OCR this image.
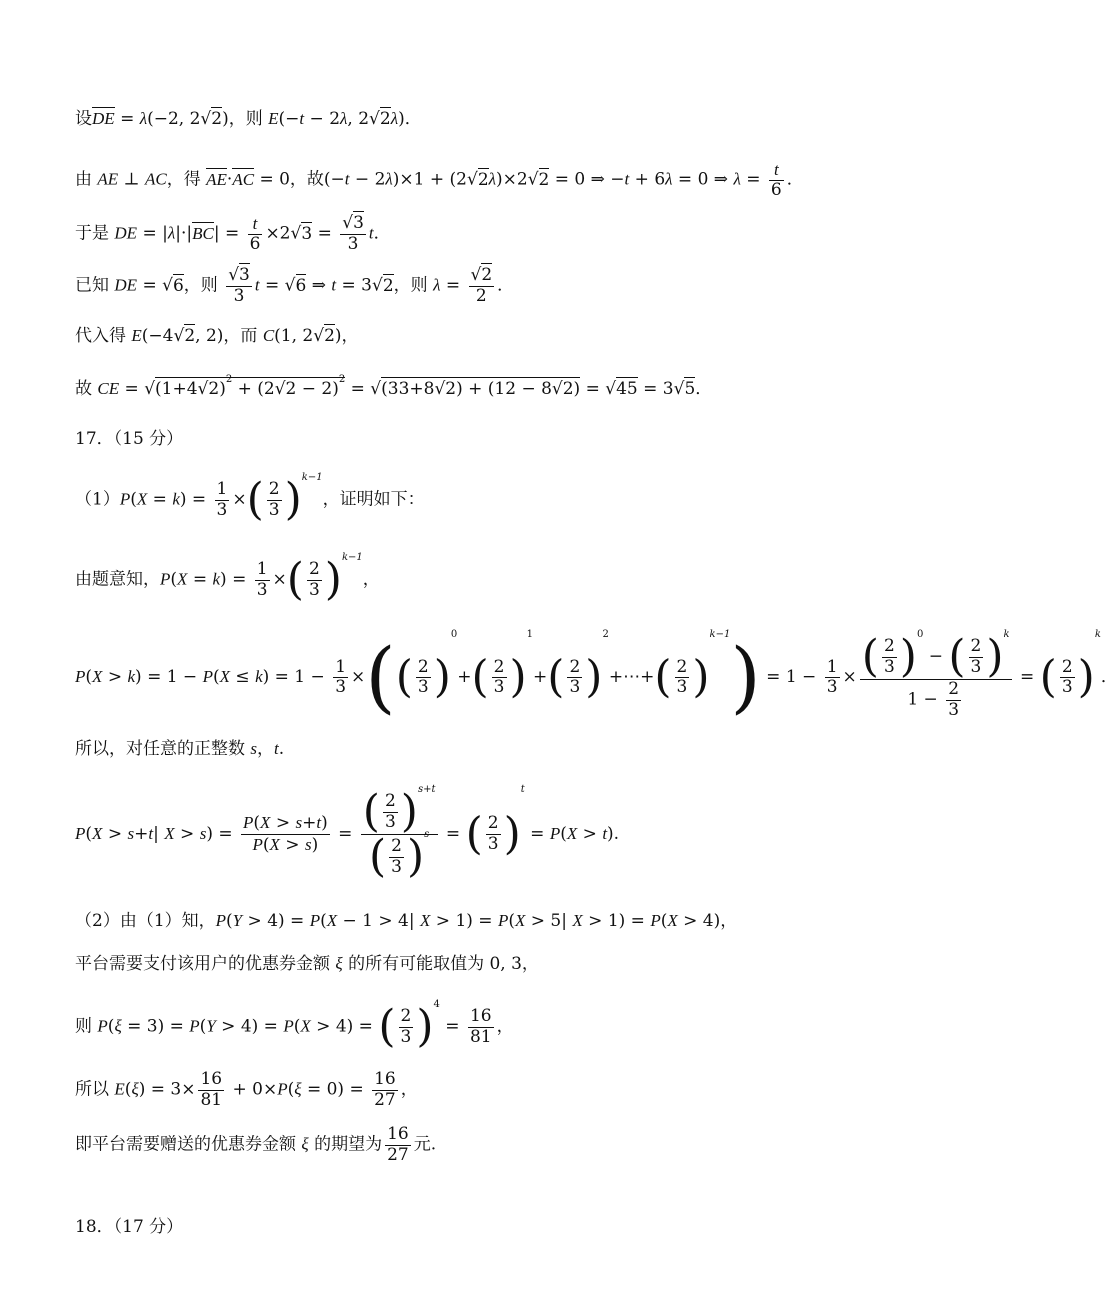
设DE = λ(−2, 2√2)，则 E(−t − 2λ, 2√2λ)．
由 AE ⊥ AC，得 AE·AC = 0，故(−t − 2λ)×1 + (2√2λ)×2√2 = 0 ⇒ −t + 6λ = 0 ⇒ $\lambda = \frac{t}{6}$ ．
于是 DE = $|\lambda|\cdot|BC| = \frac{t}{6} \times 2√3 = \frac{√3}{3}$ t．
已知 DE = √6，则 $\frac{√3}{3}$ t = √6 ⇒ t = 3√2，则 $\lambda = \frac{√2}{2}$ ．
代入得 E(−4√2, 2)，而 C(1, 2√2)，
故 CE = $√(1+4√2)^2 + (2√2 - 2)^2 = √(33+8√2) + (12 - 8√2) = √45 = 3√5$．
17．（15 分）
$(1)P(X = k) = \frac{1}{3}$ ×( $\frac{2}{3} )^{k-1}$，证明如下：
由题意知，$P(X = k) = \frac{1}{3}$ ×( $\frac{2}{3} )^{k-1}$，
$P(X > k) = 1 - P(X \le k) = 1 - \frac{1}{3}$ ×(( $\frac{2}{3} )^0+( \frac{2}{3} )^1+( \frac{2}{3}$ )$^2+\cdots+( \frac{2}{3} )^{k-1}) = 1 - \frac{1}{3} \times \frac{( \frac{2}{3} )^0 - ( \frac{2}{3} )^k}{1 - \frac{2}{3}}$ = ( $\frac{2}{3} )^k$．
所以，对任意的正整数 s，t.
P(X > s+t| $X > s) = \frac{P(X > s+t)}{P(X > s)} = \frac{( \frac{2}{3} )^{s+t}}{( \frac{2}{3} )^s}$ = ( $\frac{2}{3} )^t = P(X > t)$.
（2）由（1）知，P(Y > 4) = P(X − 1 > 4| X > 1) = P(X > 5| X > 1) = P(X > 4)，
平台需要支付该用户的优惠券金额 ξ 的所有可能取值为 0, 3，
则 P(ξ = 3) = P(Y > 4) = P(X > 4) = ( $\frac{2}{3} )^4 = \frac{16}{81}$ ，
所以 $E(\xi) = 3\times \frac{16}{81} + 0\times P(\xi = 0) = \frac{16}{27}$ ，
即平台需要赠送的优惠券金额 ξ 的期望为 $\frac{16}{27}$ 元.
18．（17 分）
